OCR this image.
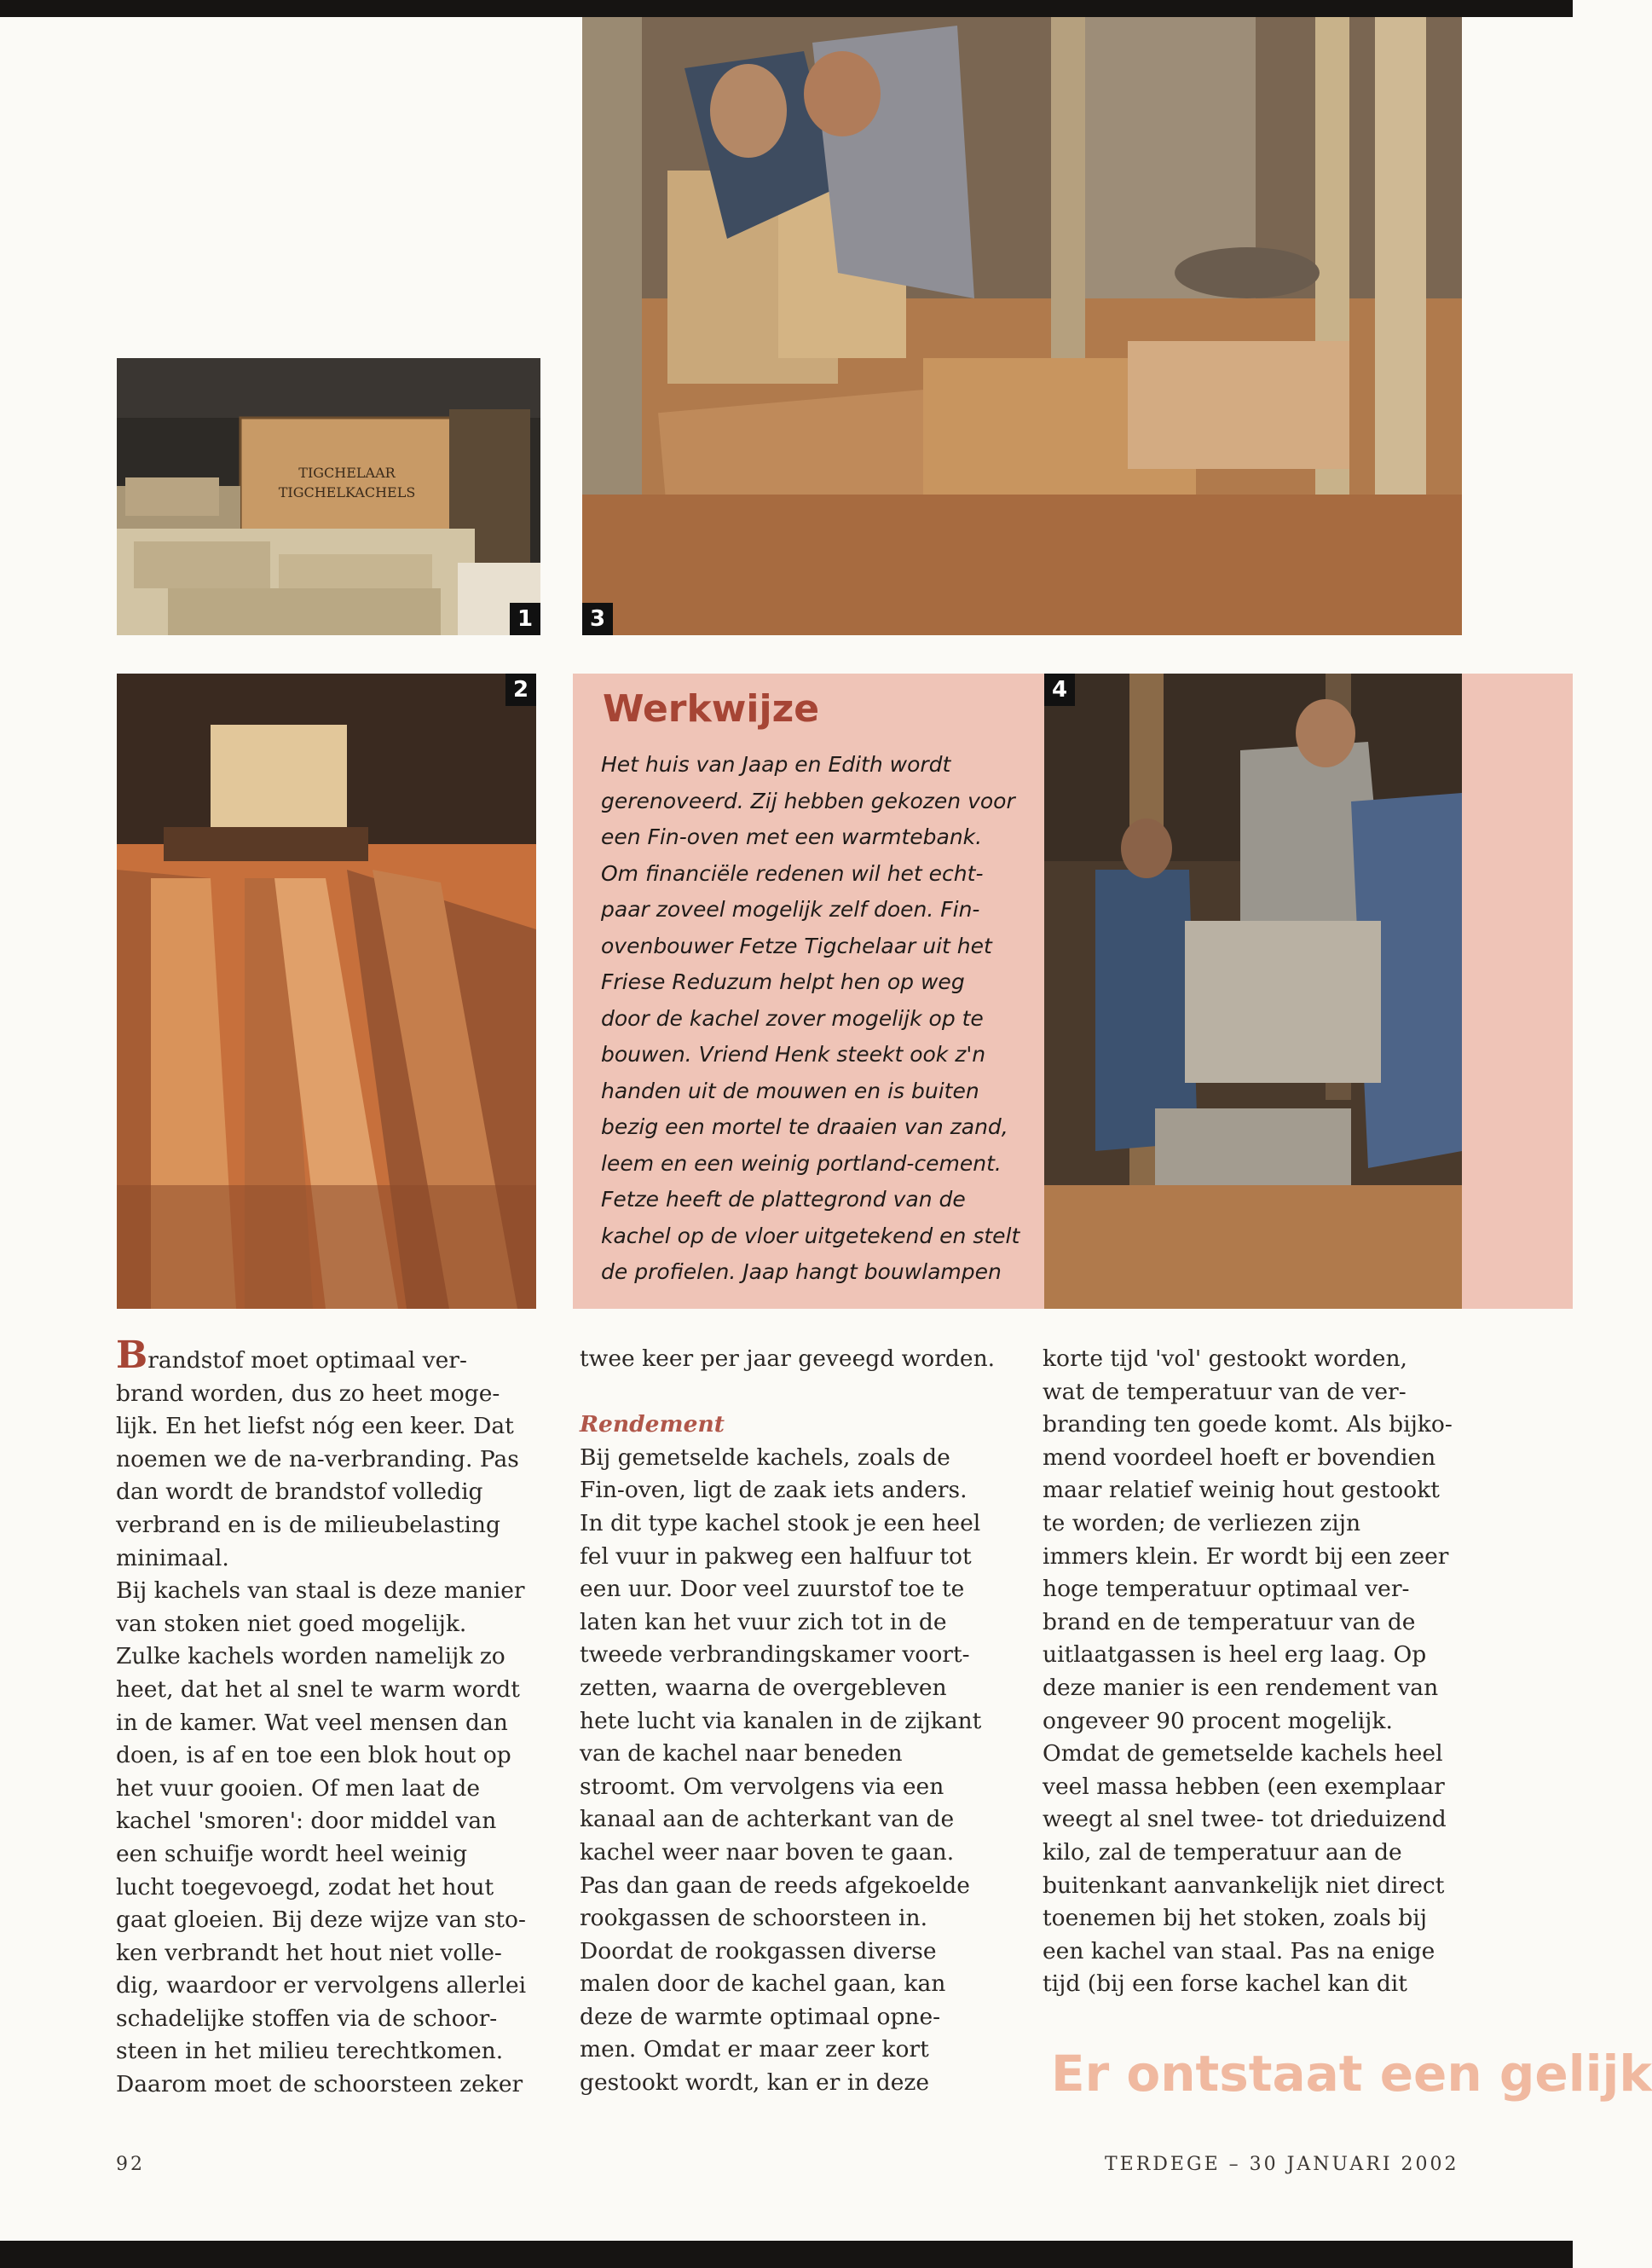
TIGCHELAAR
TIGCHELKACHELS
1	3
2 Werkwijze
Het huis van Jaap en Edith wordt
gerenoveerd. Zij hebben gekozen voor
een Fin-oven met een warmtebank.
Om financiële redenen wil het echt-
paar zoveel mogelijk zelf doen. Fin-
ovenbouwer Fetze Tigchelaar uit het
Friese Reduzum helpt hen op weg
door de kachel zover mogelijk op te
bouwen. Vriend Henk steekt ook z'n
handen uit de mouwen en is buiten
bezig een mortel te draaien van zand,
leem en een weinig portland-cement.
Fetze heeft de plattegrond van de
kachel op de vloer uitgetekend en stelt
de profielen. Jaap hangt bouwlampen
4
Brandstof moet optimaal ver-
brand worden, dus zo heet moge-
lijk. En het liefst nóg een keer. Dat
noemen we de na-verbranding. Pas
dan wordt de brandstof volledig
verbrand en is de milieubelasting
minimaal.
Bij kachels van staal is deze manier
van stoken niet goed mogelijk.
Zulke kachels worden namelijk zo
heet, dat het al snel te warm wordt
in de kamer. Wat veel mensen dan
doen, is af en toe een blok hout op
het vuur gooien. Of men laat de
kachel 'smoren': door middel van
een schuifje wordt heel weinig
lucht toegevoegd, zodat het hout
gaat gloeien. Bij deze wijze van sto-
ken verbrandt het hout niet volle-
dig, waardoor er vervolgens allerlei
schadelijke stoffen via de schoor-
steen in het milieu terechtkomen.
Daarom moet de schoorsteen zeker
twee keer per jaar geveegd worden.
Rendement
Bij gemetselde kachels, zoals de
Fin-oven, ligt de zaak iets anders.
In dit type kachel stook je een heel
fel vuur in pakweg een halfuur tot
een uur. Door veel zuurstof toe te
laten kan het vuur zich tot in de
tweede verbrandingskamer voort-
zetten, waarna de overgebleven
hete lucht via kanalen in de zijkant
van de kachel naar beneden
stroomt. Om vervolgens via een
kanaal aan de achterkant van de
kachel weer naar boven te gaan.
Pas dan gaan de reeds afgekoelde
rookgassen de schoorsteen in.
Doordat de rookgassen diverse
malen door de kachel gaan, kan
deze de warmte optimaal opne-
men. Omdat er maar zeer kort
gestookt wordt, kan er in deze
korte tijd 'vol' gestookt worden,
wat de temperatuur van de ver-
branding ten goede komt. Als bijko-
mend voordeel hoeft er bovendien
maar relatief weinig hout gestookt
te worden; de verliezen zijn
immers klein. Er wordt bij een zeer
hoge temperatuur optimaal ver-
brand en de temperatuur van de
uitlaatgassen is heel erg laag. Op
deze manier is een rendement van
ongeveer 90 procent mogelijk.
Omdat de gemetselde kachels heel
veel massa hebben (een exemplaar
weegt al snel twee- tot drieduizend
kilo, zal de temperatuur aan de
buitenkant aanvankelijk niet direct
toenemen bij het stoken, zoals bij
een kachel van staal. Pas na enige
tijd (bij een forse kachel kan dit
Er ontstaat een gelijk
92	TERDEGE – 30 JANUARI 2002
